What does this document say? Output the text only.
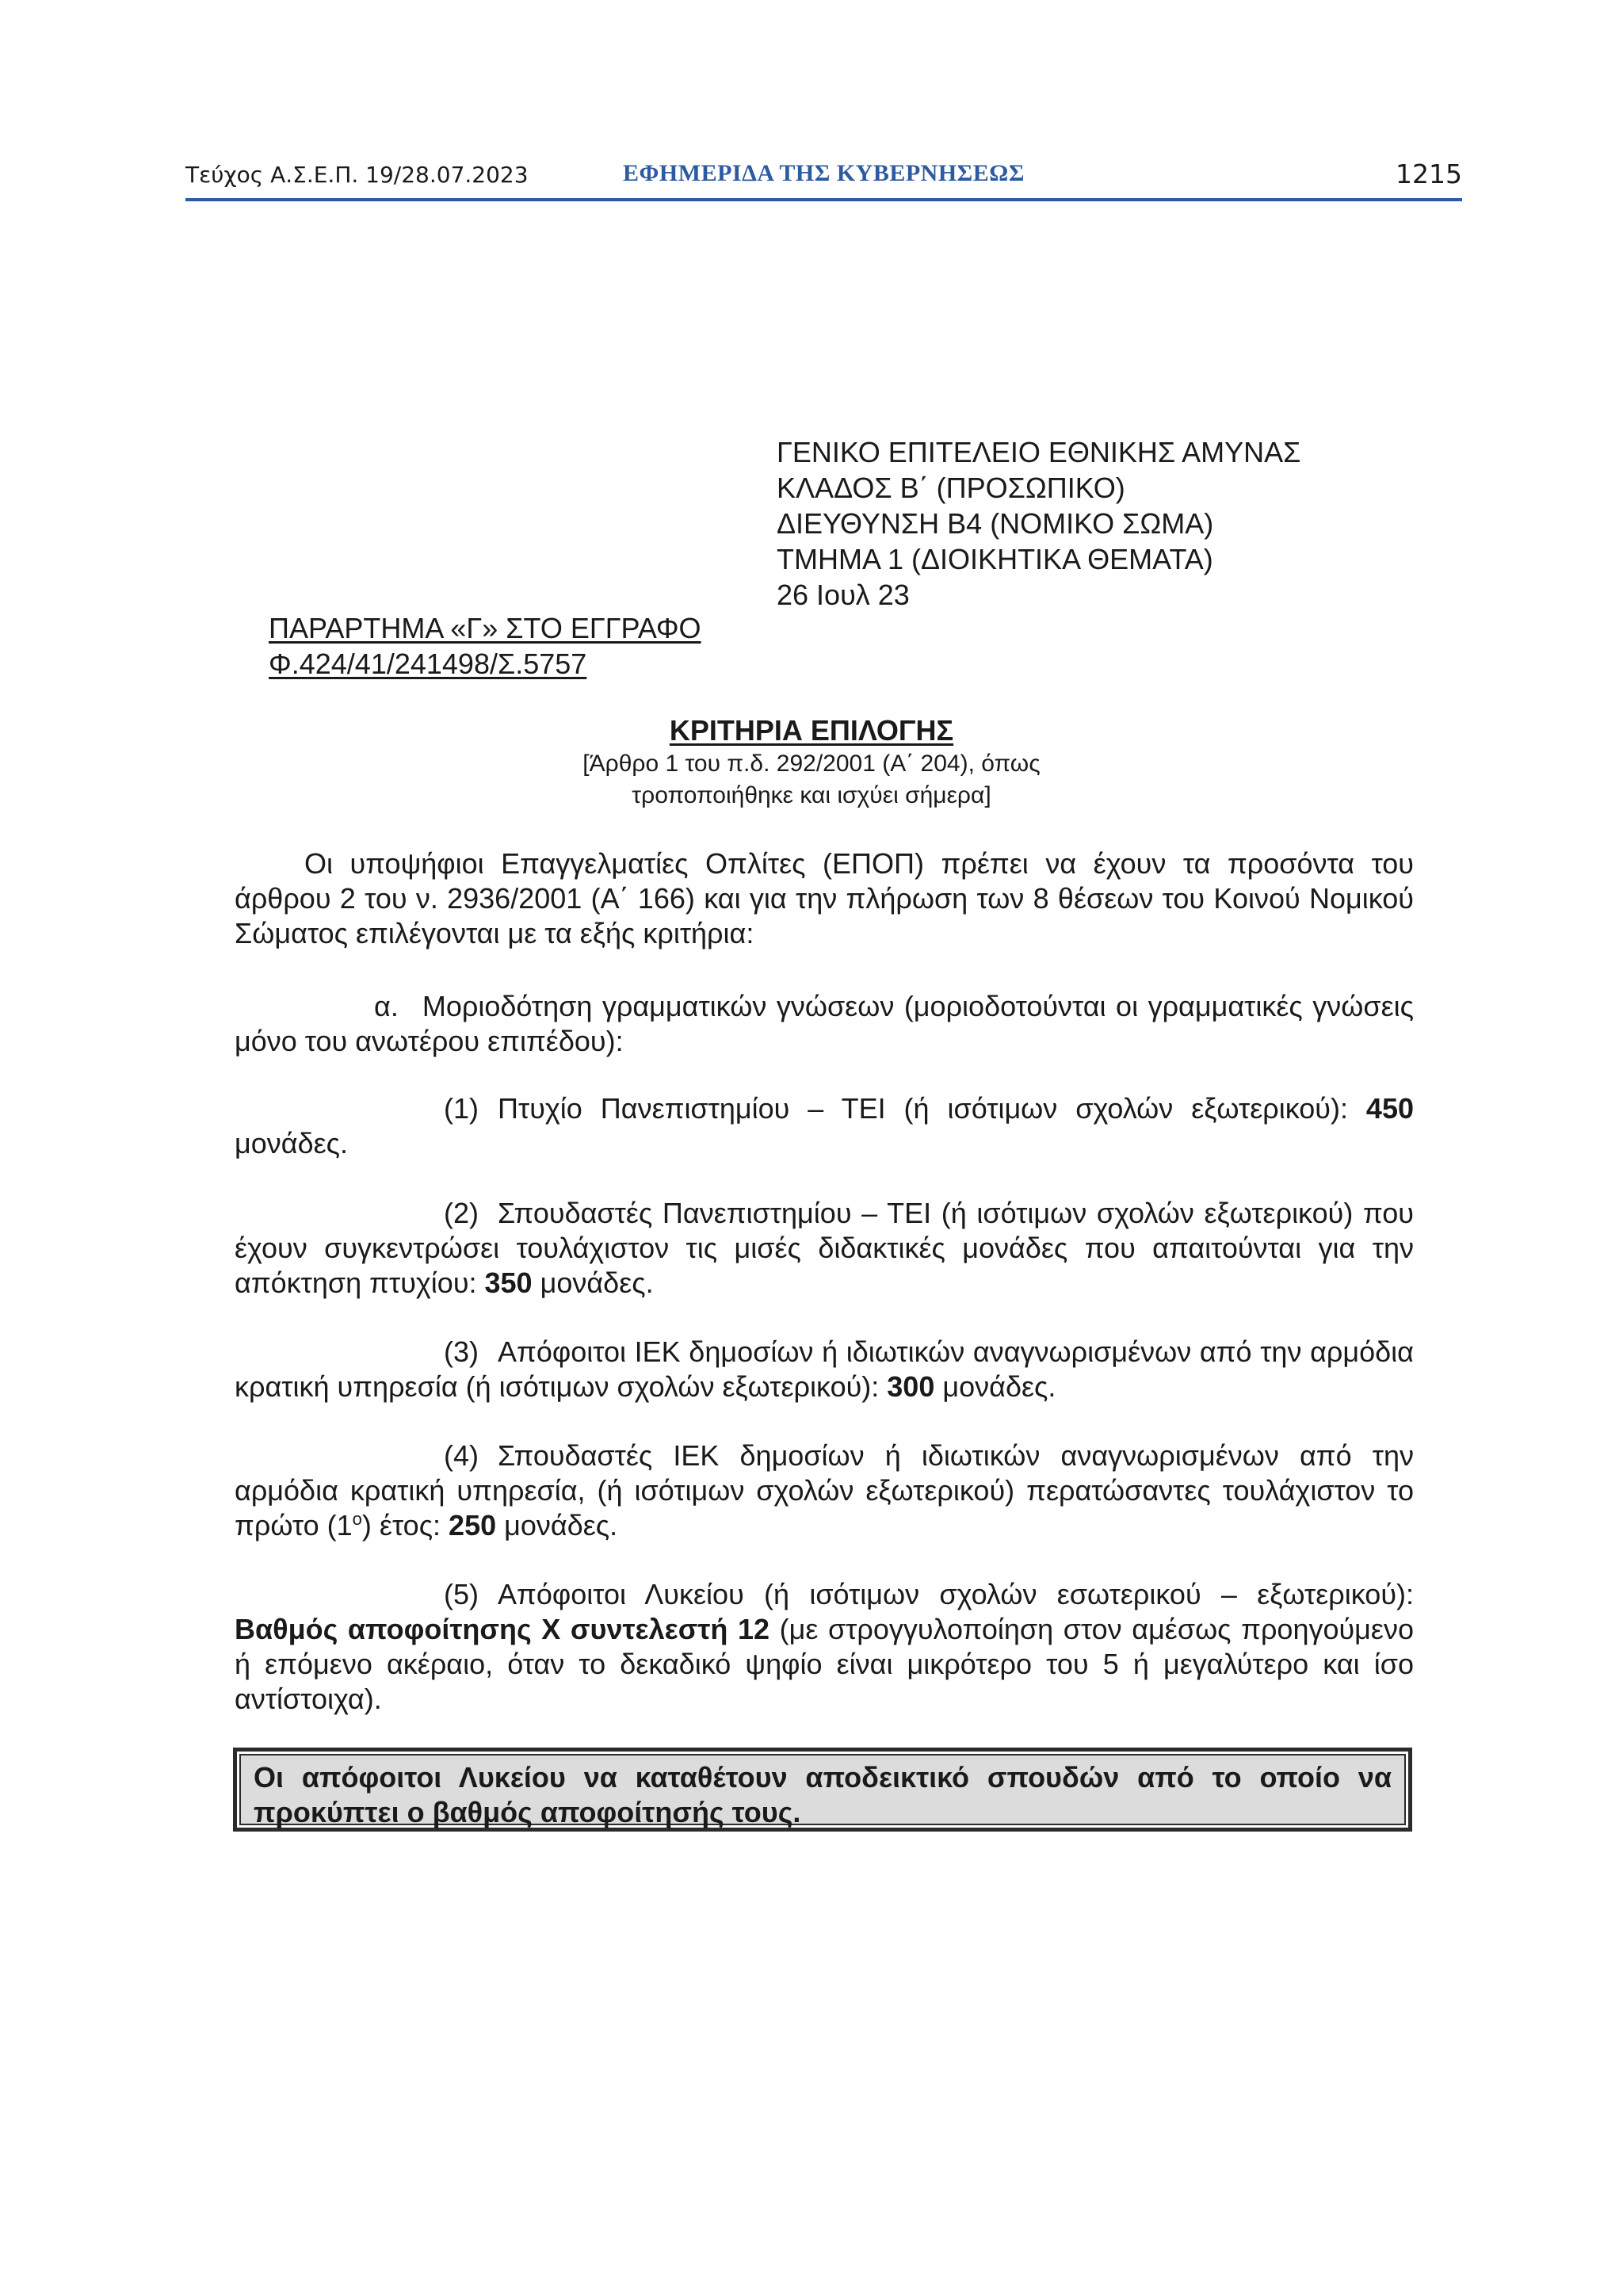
Τεύχος Α.Σ.Ε.Π. 19/28.07.2023	ΕΦΗΜΕΡΙΔΑ ΤΗΣ ΚΥΒΕΡΝΗΣΕΩΣ	1215
ΓΕΝΙΚΟ ΕΠΙΤΕΛΕΙΟ ΕΘΝΙΚΗΣ ΑΜΥΝΑΣ
ΚΛΑΔΟΣ Β΄ (ΠΡΟΣΩΠΙΚΟ)
ΔΙΕΥΘΥΝΣΗ Β4 (ΝΟΜΙΚΟ ΣΩΜΑ)
ΤΜΗΜΑ 1 (ΔΙΟΙΚΗΤΙΚΑ ΘΕΜΑΤΑ)
26 Ιουλ 23
ΠΑΡΑΡΤΗΜΑ «Γ» ΣΤΟ ΕΓΓΡΑΦΟ
Φ.424/41/241498/Σ.5757
ΚΡΙΤΗΡΙΑ ΕΠΙΛΟΓΗΣ
[Άρθρο 1 του π.δ. 292/2001 (Α΄ 204), όπως
τροποποιήθηκε και ισχύει σήμερα]

Οι υποψήφιοι Επαγγελματίες Οπλίτες (ΕΠΟΠ) πρέπει να έχουν τα προσόντα του άρθρου 2 του ν. 2936/2001 (Α΄ 166) και για την πλήρωση των 8 θέσεων του Κοινού Νομικού Σώματος επιλέγονται με τα εξής κριτήρια:

α. Μοριοδότηση γραμματικών γνώσεων (μοριοδοτούνται οι γραμματικές γνώσεις μόνο του ανωτέρου επιπέδου):

(1) Πτυχίο Πανεπιστημίου – ΤΕΙ (ή ισότιμων σχολών εξωτερικού): 450 μονάδες.

(2) Σπουδαστές Πανεπιστημίου – ΤΕΙ (ή ισότιμων σχολών εξωτερικού) που έχουν συγκεντρώσει τουλάχιστον τις μισές διδακτικές μονάδες που απαιτούνται για την απόκτηση πτυχίου: 350 μονάδες.

(3) Απόφοιτοι ΙΕΚ δημοσίων ή ιδιωτικών αναγνωρισμένων από την αρμόδια κρατική υπηρεσία (ή ισότιμων σχολών εξωτερικού): 300 μονάδες.

(4) Σπουδαστές ΙΕΚ δημοσίων ή ιδιωτικών αναγνωρισμένων από την αρμόδια κρατική υπηρεσία, (ή ισότιμων σχολών εξωτερικού) περατώσαντες τουλάχιστον το πρώτο $(1^o)$ έτος: 250 μονάδες.

(5) Απόφοιτοι Λυκείου (ή ισότιμων σχολών εσωτερικού – εξωτερικού): Βαθμός αποφοίτησης Χ συντελεστή 12 (με στρογγυλοποίηση στον αμέσως προηγούμενο ή επόμενο ακέραιο, όταν το δεκαδικό ψηφίο είναι μικρότερο του 5 ή μεγαλύτερο και ίσο αντίστοιχα).

Οι απόφοιτοι Λυκείου να καταθέτουν αποδεικτικό σπουδών από το οποίο να προκύπτει ο βαθμός αποφοίτησής τους.
